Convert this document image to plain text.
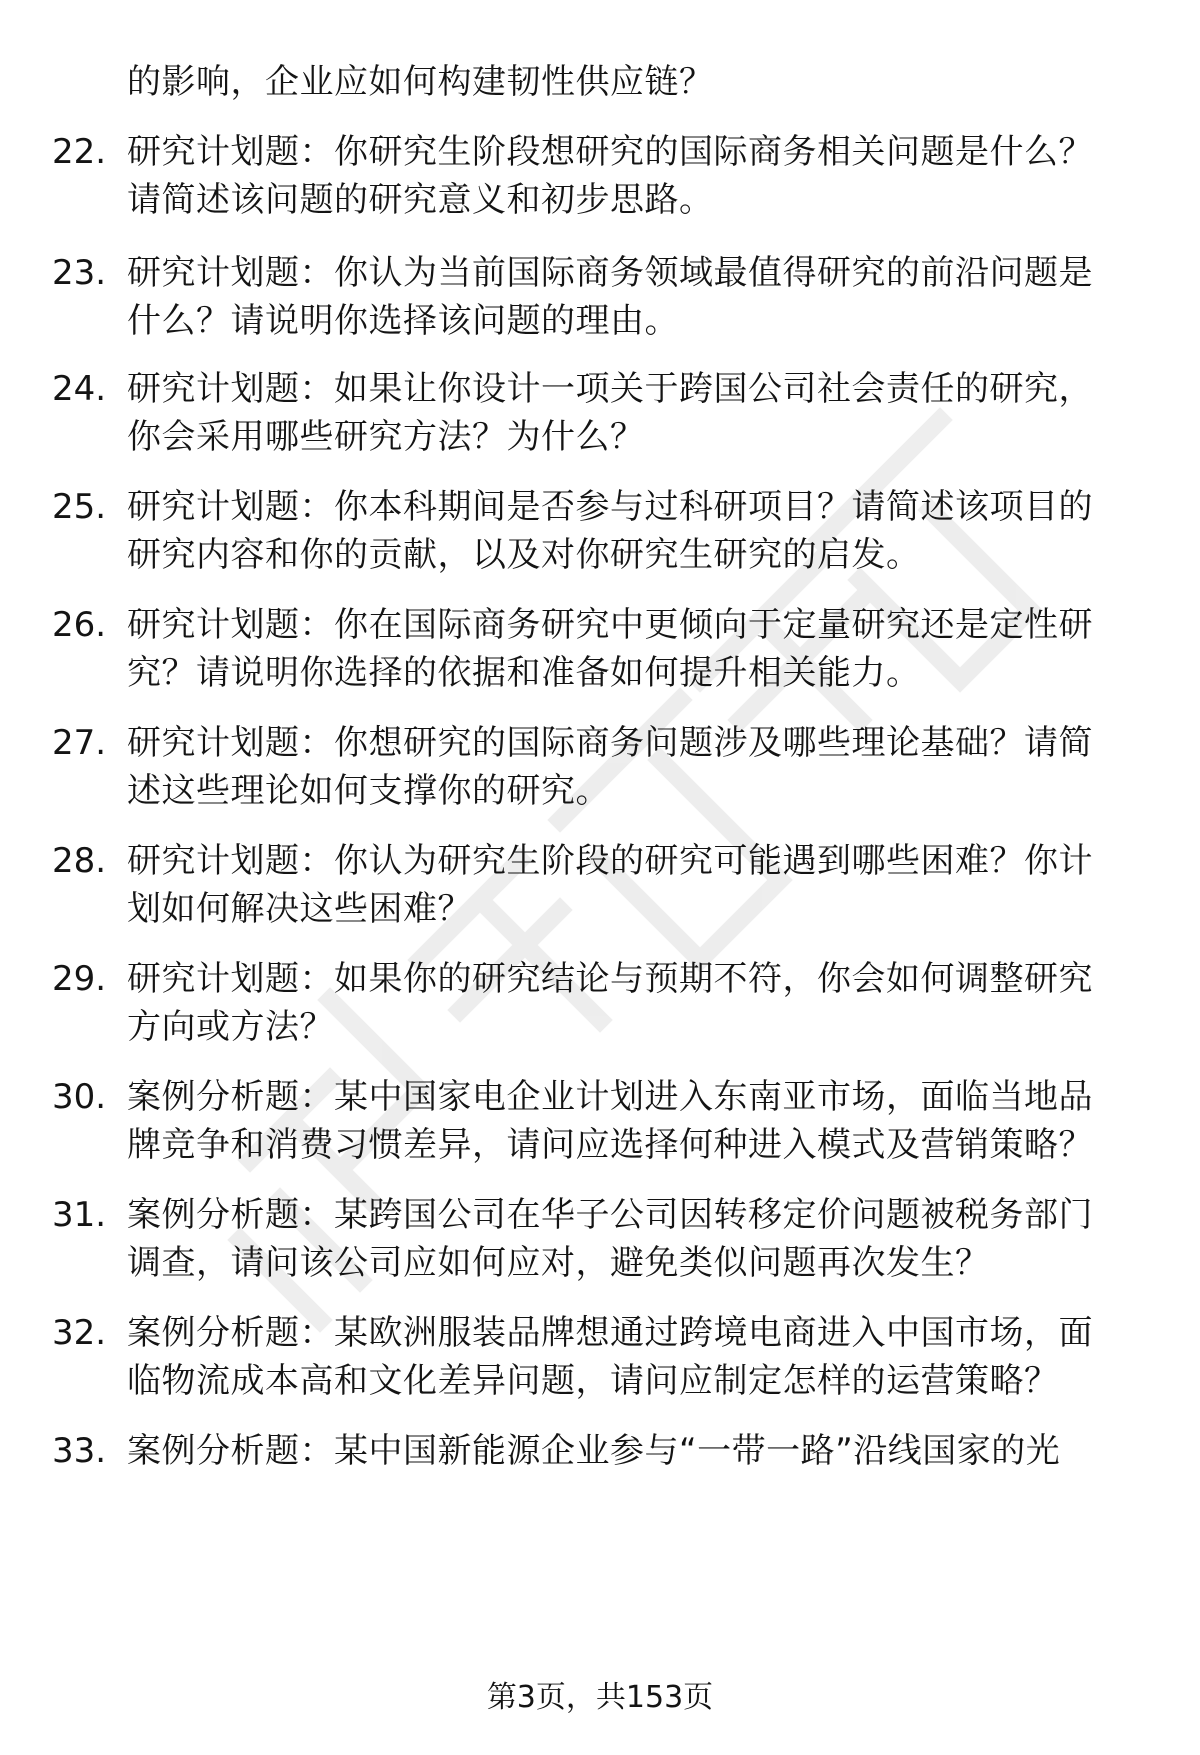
的影响，企业应如何构建韧性供应链？
22. 研究计划题：你研究生阶段想研究的国际商务相关问题是什么？
请简述该问题的研究意义和初步思路。
23. 研究计划题：你认为当前国际商务领域最值得研究的前沿问题是
什么？请说明你选择该问题的理由。
24. 研究计划题：如果让你设计一项关于跨国公司社会责任的研究，
你会采用哪些研究方法？为什么？
25. 研究计划题：你本科期间是否参与过科研项目？请简述该项目的
研究内容和你的贡献，以及对你研究生研究的启发。
26. 研究计划题：你在国际商务研究中更倾向于定量研究还是定性研
究？请说明你选择的依据和准备如何提升相关能力。
27. 研究计划题：你想研究的国际商务问题涉及哪些理论基础？请简
述这些理论如何支撑你的研究。
28. 研究计划题：你认为研究生阶段的研究可能遇到哪些困难？你计
划如何解决这些困难？
29. 研究计划题：如果你的研究结论与预期不符，你会如何调整研究
方向或方法？
30. 案例分析题：某中国家电企业计划进入东南亚市场，面临当地品
牌竞争和消费习惯差异，请问应选择何种进入模式及营销策略？
31. 案例分析题：某跨国公司在华子公司因转移定价问题被税务部门
调查，请问该公司应如何应对，避免类似问题再次发生？
32. 案例分析题：某欧洲服装品牌想通过跨境电商进入中国市场，面
临物流成本高和文化差异问题，请问应制定怎样的运营策略？
33. 案例分析题：某中国新能源企业参与“一带一路”沿线国家的光
第3页，共153页
